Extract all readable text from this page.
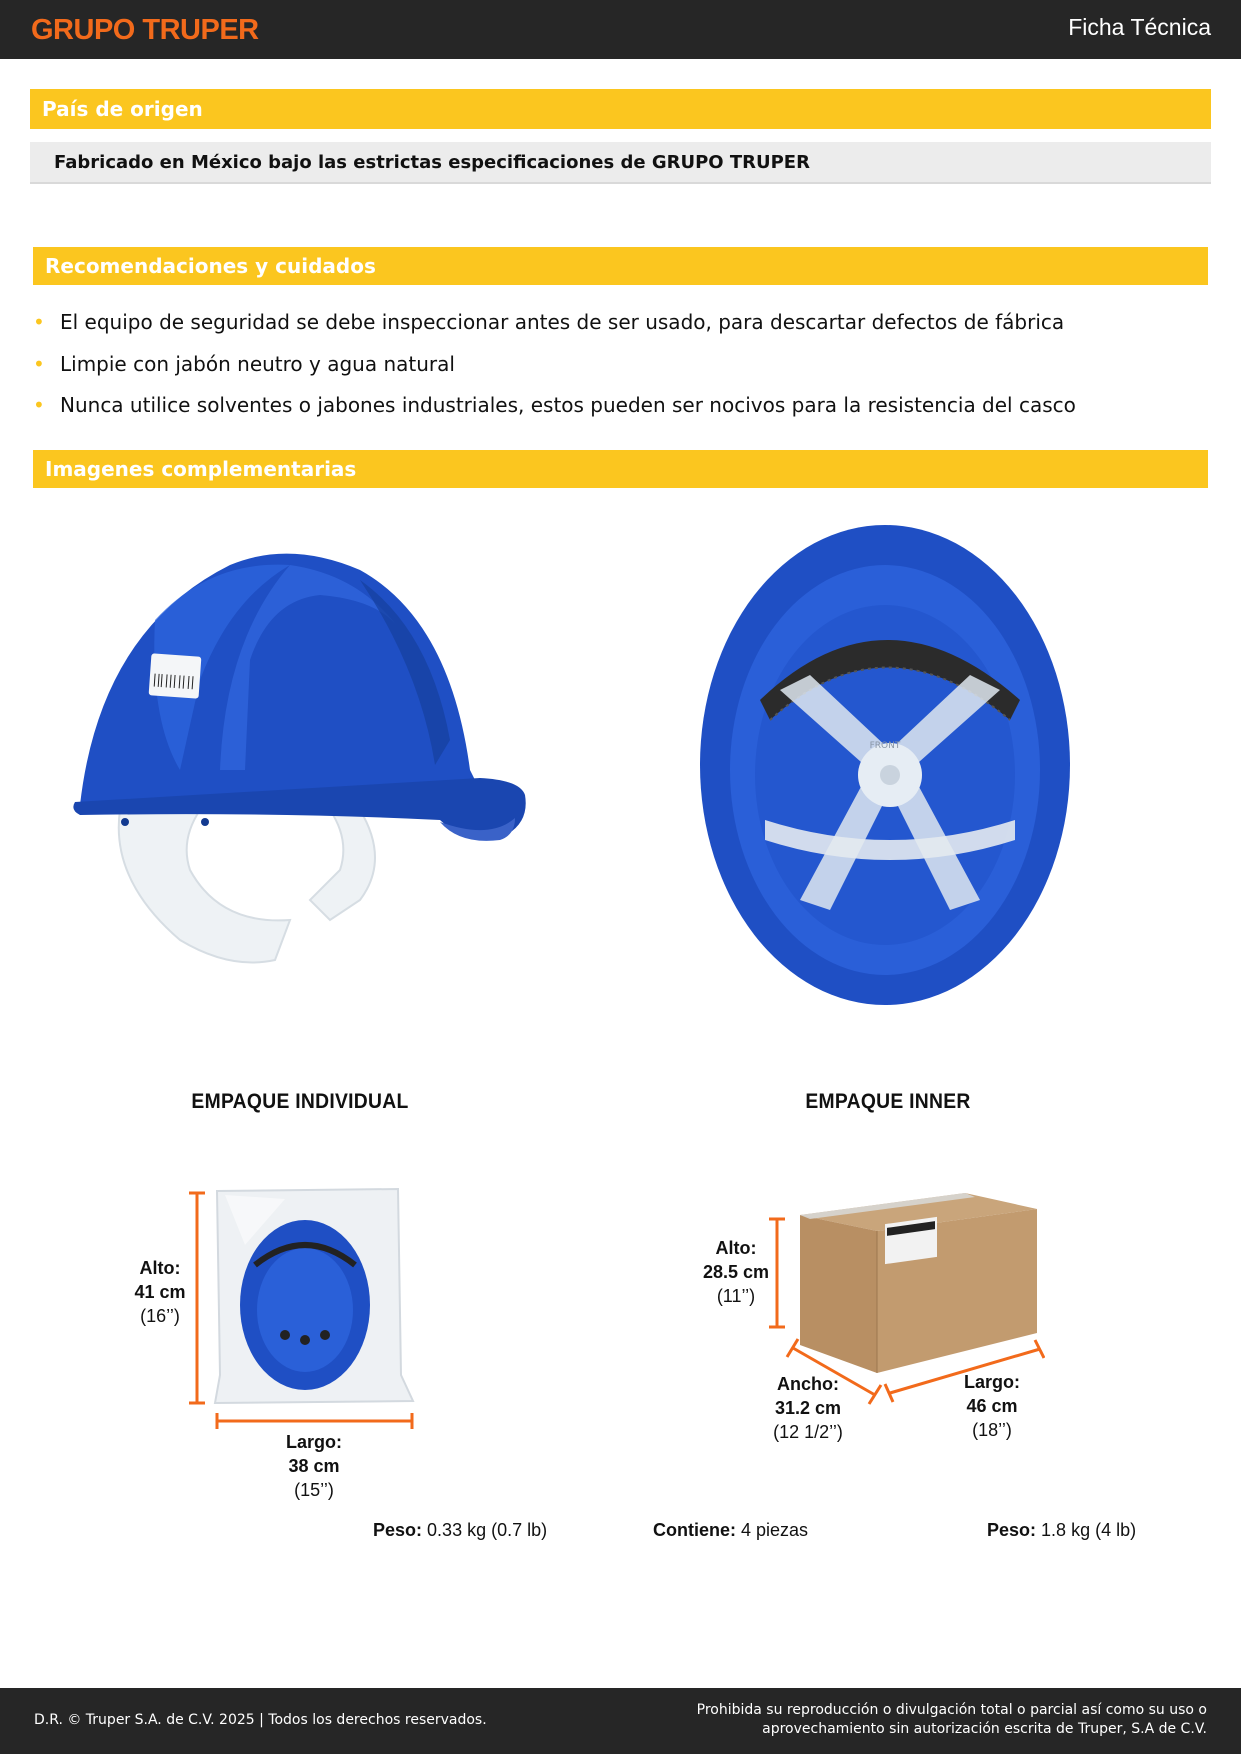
GRUPO TRUPER	Ficha Técnica
País de origen
Fabricado en México bajo las estrictas especificaciones de GRUPO TRUPER
Recomendaciones y cuidados
• El equipo de seguridad se debe inspeccionar antes de ser usado, para descartar defectos de fábrica
• Limpie con jabón neutro y agua natural
• Nunca utilice solventes o jabones industriales, estos pueden ser nocivos para la resistencia del casco
Imagenes complementarias
FRONT
EMPAQUE INDIVIDUAL	EMPAQUE INNER
Alto:
41 cm
(16’’)
Largo:
38 cm
(15’’)
Alto:
28.5 cm
(11’’)
Ancho:
31.2 cm
(12 1/2’’)
Largo:
46 cm
(18’’)
Peso: 0.33 kg (0.7 lb)	Contiene: 4 piezas	Peso: 1.8 kg (4 lb)
D.R. © Truper S.A. de C.V. 2025 | Todos los derechos reservados.
Prohibida su reproducción o divulgación total o parcial así como su uso o
aprovechamiento sin autorización escrita de Truper, S.A de C.V.
